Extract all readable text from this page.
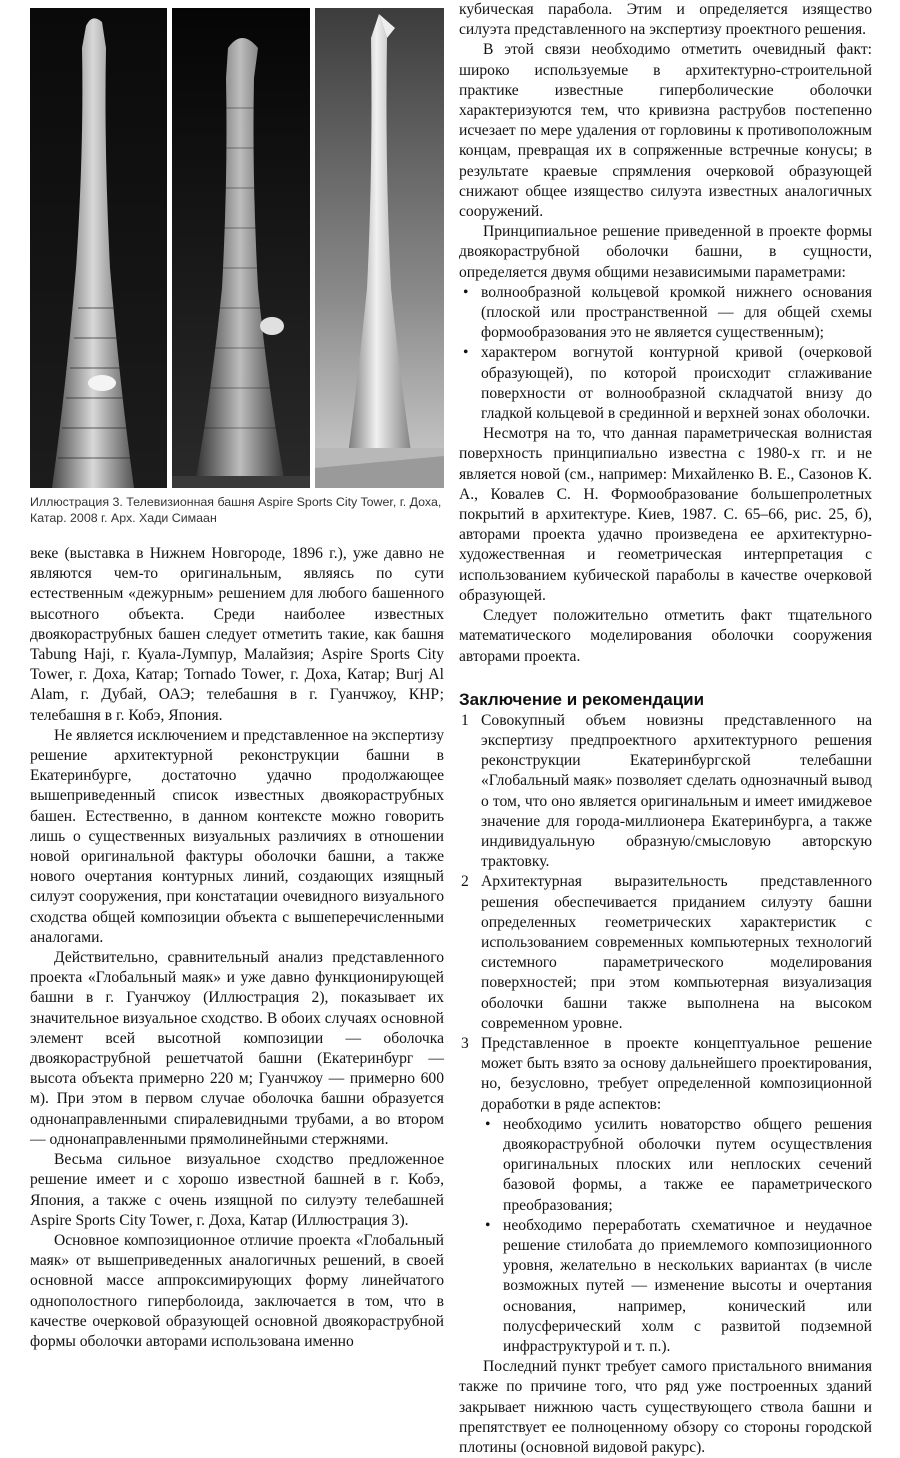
Иллюстрация 3. Телевизионная башня Aspire Sports City Tower, г. Доха, Катар. 2008 г. Арх. Хади Симаан

веке (выставка в Нижнем Новгороде, 1896 г.), уже давно не являются чем-то оригинальным, являясь по сути естественным «дежурным» решением для любого башенного высотного объекта. Среди наиболее известных двоякораструбных башен следует отметить такие, как башня Tabung Haji, г. Куала-Лумпур, Малайзия; Aspire Sports City Tower, г. Доха, Катар; Tornado Tower, г. Доха, Катар; Burj Al Alam, г. Дубай, ОАЭ; телебашня в г. Гуанчжоу, КНР; телебашня в г. Кобэ, Япония.

Не является исключением и представленное на экспертизу решение архитектурной реконструкции башни в Екатеринбурге, достаточно удачно продолжающее вышеприведенный список известных двоякораструбных башен. Естественно, в данном контексте можно говорить лишь о существенных визуальных различиях в отношении новой оригинальной фактуры оболочки башни, а также нового очертания контурных линий, создающих изящный силуэт сооружения, при констатации очевидного визуального сходства общей композиции объекта с вышеперечисленными аналогами.

Действительно, сравнительный анализ представленного проекта «Глобальный маяк» и уже давно функционирующей башни в г. Гуанчжоу (Иллюстрация 2), показывает их значительное визуальное сходство. В обоих случаях основной элемент всей высотной композиции — оболочка двоякораструбной решетчатой башни (Екатеринбург — высота объекта примерно 220 м; Гуанчжоу — примерно 600 м). При этом в первом случае оболочка башни образуется однонаправленными спиралевидными трубами, а во втором — однонаправленными прямолинейными стержнями.

Весьма сильное визуальное сходство предложенное решение имеет и с хорошо известной башней в г. Кобэ, Япония, а также с очень изящной по силуэту телебашней Aspire Sports City Tower, г. Доха, Катар (Иллюстрация 3).

Основное композиционное отличие проекта «Глобальный маяк» от вышеприведенных аналогичных решений, в своей основной массе аппроксимирующих форму линейчатого однополостного гиперболоида, заключается в том, что в качестве очерковой образующей основной двоякораструбной формы оболочки авторами использована именно

кубическая парабола. Этим и определяется изящество силуэта представленного на экспертизу проектного решения.

В этой связи необходимо отметить очевидный факт: широко используемые в архитектурно-строительной практике известные гиперболические оболочки характеризуются тем, что кривизна раструбов постепенно исчезает по мере удаления от горловины к противоположным концам, превращая их в сопряженные встречные конусы; в результате краевые спрямления очерковой образующей снижают общее изящество силуэта известных аналогичных сооружений.

Принципиальное решение приведенной в проекте формы двоякораструбной оболочки башни, в сущности, определяется двумя общими независимыми параметрами:

• волнообразной кольцевой кромкой нижнего основания (плоской или пространственной — для общей схемы формообразования это не является существенным);

• характером вогнутой контурной кривой (очерковой образующей), по которой происходит сглаживание поверхности от волнообразной складчатой внизу до гладкой кольцевой в срединной и верхней зонах оболочки.

Несмотря на то, что данная параметрическая волнистая поверхность принципиально известна с 1980-х гг. и не является новой (см., например: Михайленко В. Е., Сазонов К. А., Ковалев С. Н. Формообразование большепролетных покрытий в архитектуре. Киев, 1987. С. 65–66, рис. 25, б), авторами проекта удачно произведена ее архитектурно-художественная и геометрическая интерпретация с использованием кубической параболы в качестве очерковой образующей.

Следует положительно отметить факт тщательного математического моделирования оболочки сооружения авторами проекта.

Заключение и рекомендации

1 Совокупный объем новизны представленного на экспертизу предпроектного архитектурного решения реконструкции Екатеринбургской телебашни «Глобальный маяк» позволяет сделать однозначный вывод о том, что оно является оригинальным и имеет имиджевое значение для города-миллионера Екатеринбурга, а также индивидуальную образную/смысловую авторскую трактовку.

2 Архитектурная выразительность представленного решения обеспечивается приданием силуэту башни определенных геометрических характеристик с использованием современных компьютерных технологий системного параметрического моделирования поверхностей; при этом компьютерная визуализация оболочки башни также выполнена на высоком современном уровне.

3 Представленное в проекте концептуальное решение может быть взято за основу дальнейшего проектирования, но, безусловно, требует определенной композиционной доработки в ряде аспектов:

• необходимо усилить новаторство общего решения двоякораструбной оболочки путем осуществления оригинальных плоских или неплоских сечений базовой формы, а также ее параметрического преобразования;

• необходимо переработать схематичное и неудачное решение стилобата до приемлемого композиционного уровня, желательно в нескольких вариантах (в числе возможных путей — изменение высоты и очертания основания, например, конический или полусферический холм с развитой подземной инфраструктурой и т. п.).

Последний пункт требует самого пристального внимания также по причине того, что ряд уже построенных зданий закрывает нижнюю часть существующего ствола башни и препятствует ее полноценному обзору со стороны городской плотины (основной видовой ракурс).
